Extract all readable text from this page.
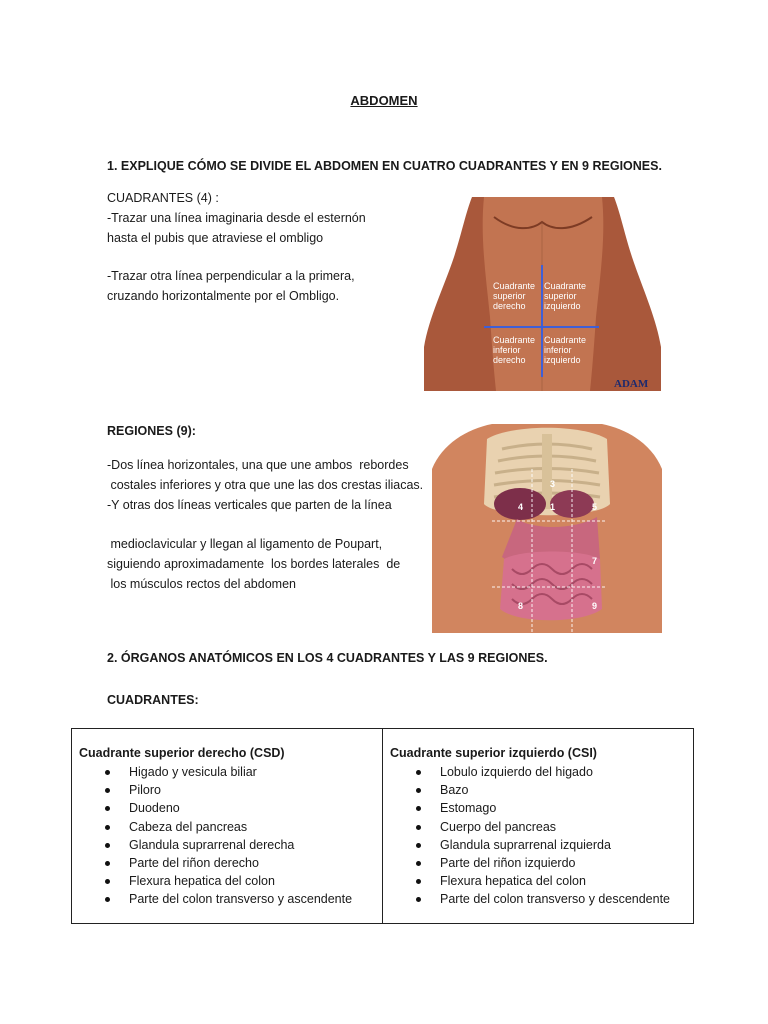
ABDOMEN
1. EXPLIQUE CÓMO SE DIVIDE EL ABDOMEN EN CUATRO CUADRANTES Y EN 9 REGIONES.
CUADRANTES (4) :
-Trazar una línea imaginaria desde el esternón
hasta el pubis que atraviese el ombligo
-Trazar otra línea perpendicular a la primera,
cruzando horizontalmente por el Ombligo.
Cuadrante superior derecho
Cuadrante superior izquierdo
Cuadrante inferior derecho
Cuadrante inferior izquierdo
ADAM
REGIONES (9):
-Dos línea horizontales, una que une ambos  rebordes
costales inferiores y otra que une las dos crestas iliacas.
-Y otras dos líneas verticales que parten de la línea
medioclavicular y llegan al ligamento de Poupart,
siguiendo aproximadamente  los bordes laterales  de
los músculos rectos del abdomen
1
4	5
3
7
8	9
2. ÓRGANOS ANATÓMICOS EN LOS 4 CUADRANTES Y LAS 9 REGIONES.
CUADRANTES:
Cuadrante superior derecho (CSD)
Higado y vesicula biliar
Piloro
Duodeno
Cabeza del pancreas
Glandula suprarrenal derecha
Parte del riñon derecho
Flexura hepatica del colon
Parte del colon transverso y ascendente

Cuadrante superior izquierdo (CSI)
Lobulo izquierdo del higado
Bazo
Estomago
Cuerpo del pancreas
Glandula suprarrenal izquierda
Parte del riñon izquierdo
Flexura hepatica del colon
Parte del colon transverso y descendente
